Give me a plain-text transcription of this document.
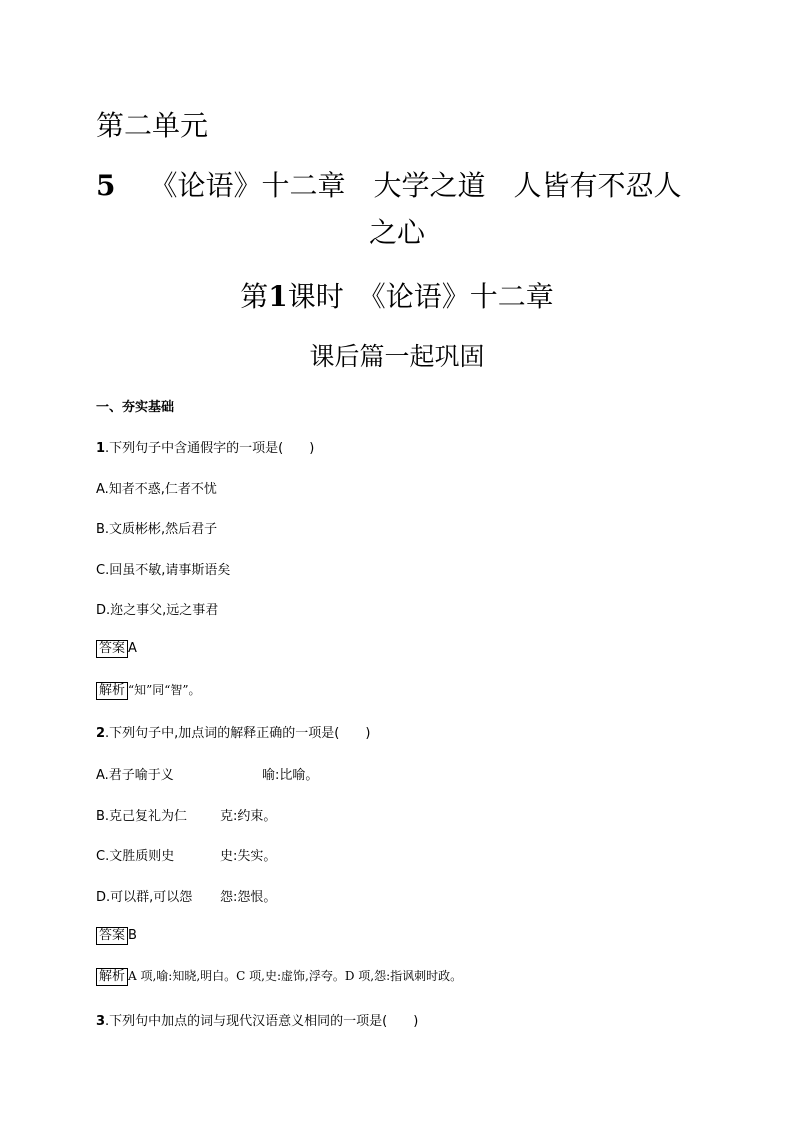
第二单元
5 《论语》十二章　大学之道　人皆有不忍人
之心
第1课时　《论语》十二章
课后篇一起巩固
一、夯实基础
1.下列句子中含通假字的一项是(　　)
A.知者不惑,仁者不忧
B.文质彬彬,然后君子
C.回虽不敏,请事斯语矣
D.迩之事父,远之事君
答案 A
解析 “知”同“智”。
2.下列句子中,加点词的解释正确的一项是(　　)
A.君子喻于义	喻:比喻。
B.克己复礼为仁	克:约束。
C.文胜质则史	史:失实。
D.可以群,可以怨 怨:怨恨。
答案 B
解析 A 项,喻:知晓,明白。C 项,史:虚饰,浮夸。D 项,怨:指讽刺时政。
3.下列句中加点的词与现代汉语意义相同的一项是(　　)
